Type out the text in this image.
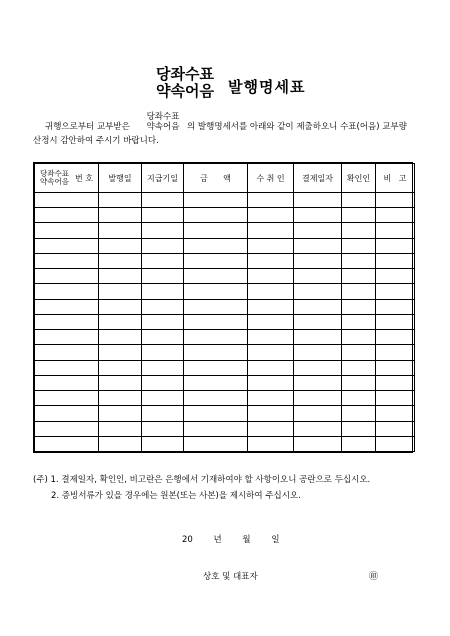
당좌수표
약속어음 발행명세표
귀행으로부터 교부받은
당좌수표
약속어음 의 발행명세서를 아래와 같이 제출하오니 수표(어음) 교부량
산정시 감안하여 주시기 바랍니다.
당좌수표
약속어음 번 호	발행일	지급기일	금      액	수 취 인	결제일자	확인인	비   고

(주) 1. 결제일자, 확인인, 비고란은 은행에서 기재하여야 할 사항이오니 공란으로 두십시오.
2. 증빙서류가 있을 경우에는 원본(또는 사본)을 제시하여 주십시오.
20 년 월 일
상호 및 대표자	㊞
